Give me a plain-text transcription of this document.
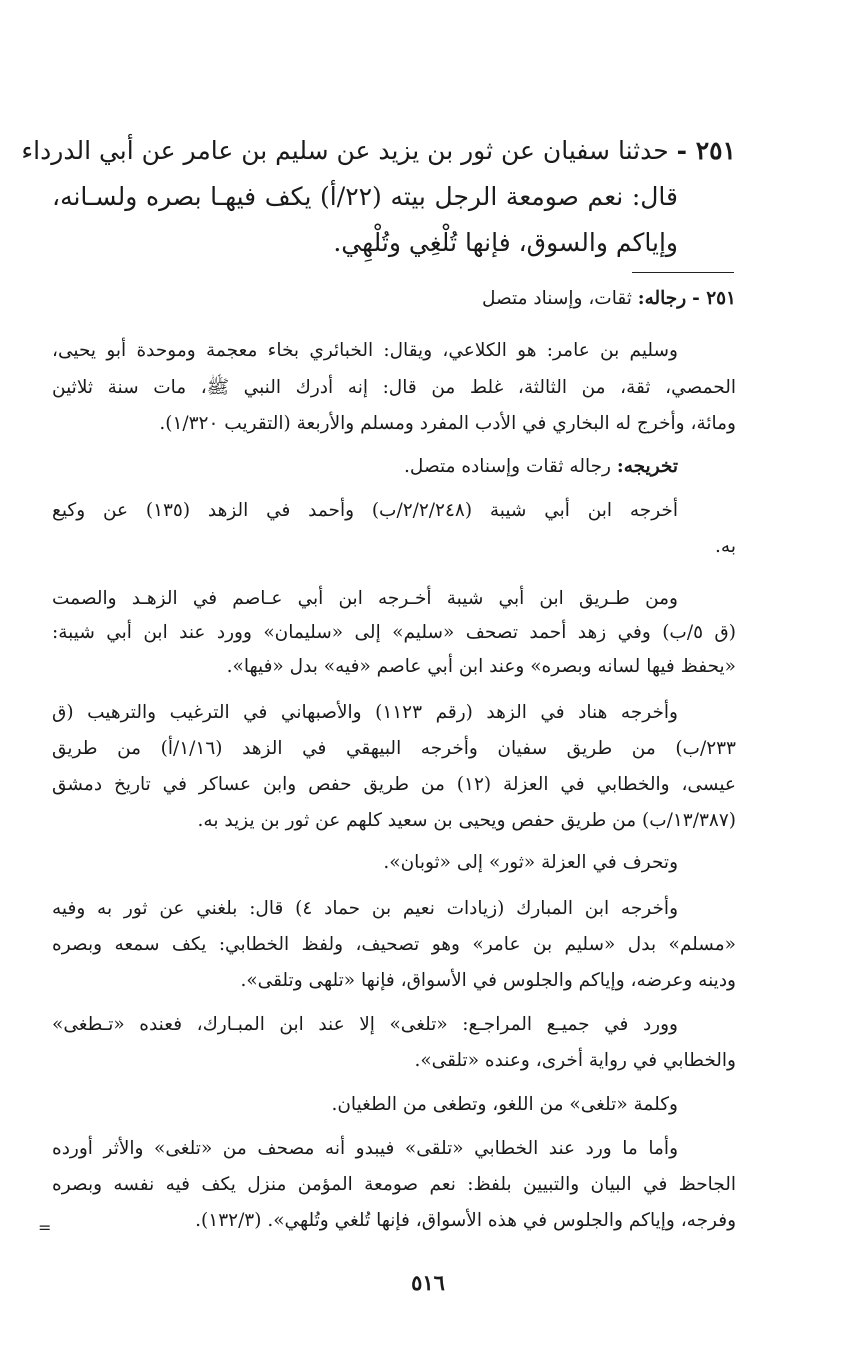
٢٥١ - حدثنا سفيان عن ثور بن يزيد عن سليم بن عامر عن أبي الدرداء
قال: نعم صومعة الرجل بيته (٢٢/أ) يكف فيهـا بصره ولسـانه،
وإياكم والسوق، فإنها تُلْغِي وتُلْهِي.
٢٥١ - رجاله: ثقات، وإسناد متصل
وسليم بن عامر: هو الكلاعي، ويقال: الخبائري بخاء معجمة وموحدة أبو يحيى،
الحمصي، ثقة، من الثالثة، غلط من قال: إنه أدرك النبي ﷺ، مات سنة ثلاثين
ومائة، وأخرج له البخاري في الأدب المفرد ومسلم والأربعة (التقريب ١/٣٢٠).
تخريجه: رجاله ثقات وإسناده متصل.
أخرجه ابن أبي شيبة (٢/٢/٢٤٨/ب) وأحمد في الزهد (١٣٥) عن وكيع
به.
ومن طـريق ابن أبي شيبة أخـرجه ابن أبي عـاصم في الزهـد والصمت
(ق ٥/ب) وفي زهد أحمد تصحف «سليم» إلى «سليمان» وورد عند ابن أبي شيبة:
«يحفظ فيها لسانه وبصره» وعند ابن أبي عاصم «فيه» بدل «فيها».
وأخرجه هناد في الزهد (رقم ١١٢٣) والأصبهاني في الترغيب والترهيب (ق
٢٣٣/ب) من طريق سفيان وأخرجه البيهقي في الزهد (١/١٦/أ) من طريق
عيسى، والخطابي في العزلة (١٢) من طريق حفص وابن عساكر في تاريخ دمشق
(١٣/٣٨٧/ب) من طريق حفص ويحيى بن سعيد كلهم عن ثور بن يزيد به.
وتحرف في العزلة «ثور» إلى «ثوبان».
وأخرجه ابن المبارك (زيادات نعيم بن حماد ٤) قال: بلغني عن ثور به وفيه
«مسلم» بدل «سليم بن عامر» وهو تصحيف، ولفظ الخطابي: يكف سمعه وبصره
ودينه وعرضه، وإياكم والجلوس في الأسواق، فإنها «تلهى وتلقى».
وورد في جميـع المراجـع: «تلغى» إلا عند ابن المبـارك، فعنده «تـطغى»
والخطابي في رواية أخرى، وعنده «تلقى».
وكلمة «تلغى» من اللغو، وتطغى من الطغيان.
وأما ما ورد عند الخطابي «تلقى» فيبدو أنه مصحف من «تلغى» والأثر أورده
الجاحظ في البيان والتبيين بلفظ: نعم صومعة المؤمن منزل يكف فيه نفسه وبصره
وفرجه، وإياكم والجلوس في هذه الأسواق، فإنها تُلغي وتُلهي». (١٣٢/٣).
=
٥١٦
